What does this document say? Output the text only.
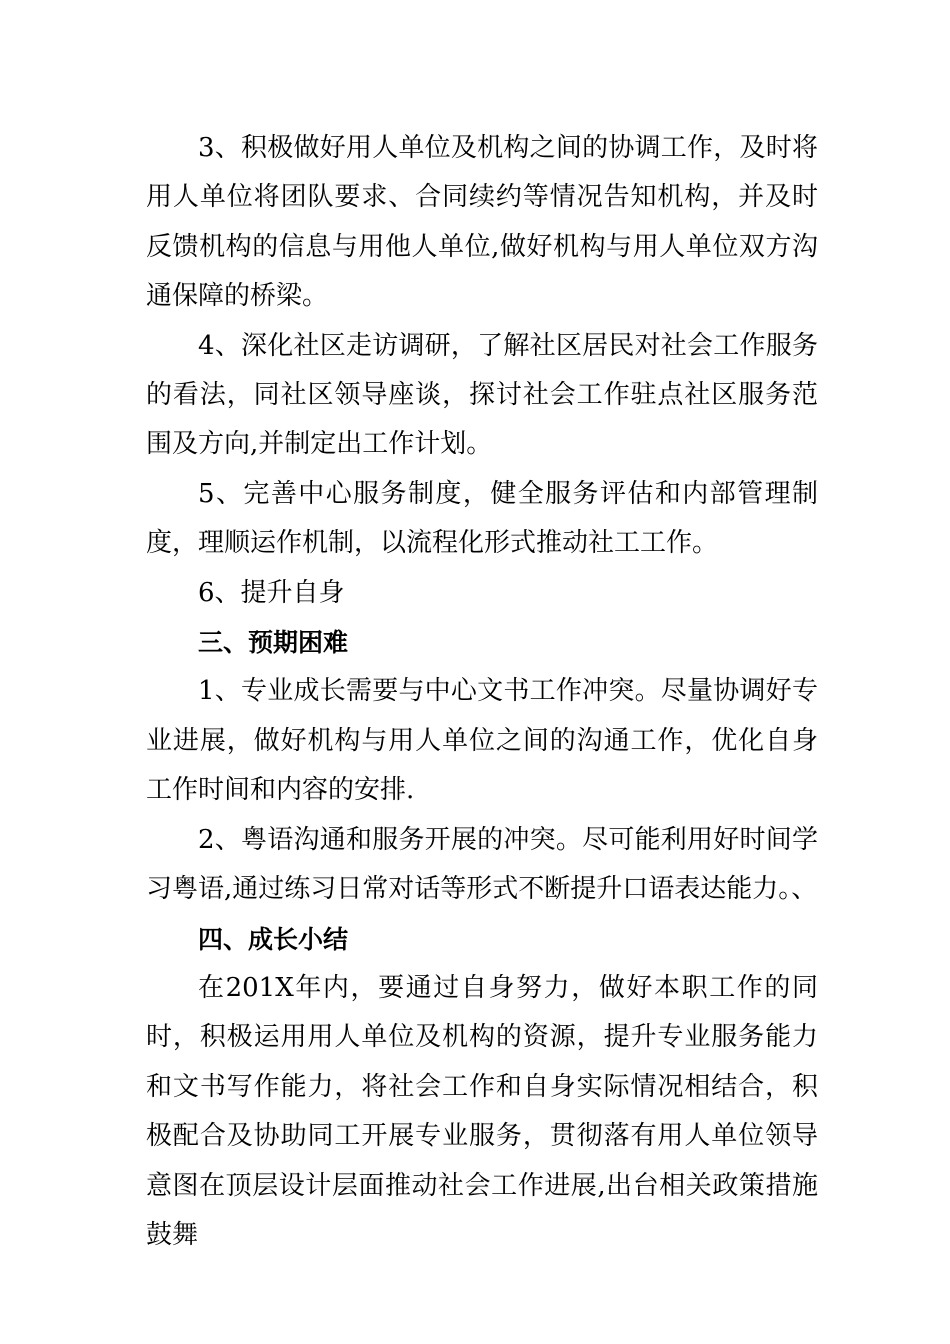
3、积极做好用人单位及机构之间的协调工作，及时将用人单位将团队要求、合同续约等情况告知机构，并及时反馈机构的信息与用他人单位,做好机构与用人单位双方沟通保障的桥梁。

4、深化社区走访调研，了解社区居民对社会工作服务的看法，同社区领导座谈，探讨社会工作驻点社区服务范围及方向,并制定出工作计划。

5、完善中心服务制度，健全服务评估和内部管理制度，理顺运作机制，以流程化形式推动社工工作。

6、提升自身

三、预期困难

1、专业成长需要与中心文书工作冲突。尽量协调好专业进展，做好机构与用人单位之间的沟通工作，优化自身工作时间和内容的安排.

2、粤语沟通和服务开展的冲突。尽可能利用好时间学习粤语,通过练习日常对话等形式不断提升口语表达能力。、

四、成长小结

在201X年内，要通过自身努力，做好本职工作的同时，积极运用用人单位及机构的资源，提升专业服务能力和文书写作能力，将社会工作和自身实际情况相结合，积极配合及协助同工开展专业服务，贯彻落有用人单位领导意图在顶层设计层面推动社会工作进展,出台相关政策措施鼓舞
